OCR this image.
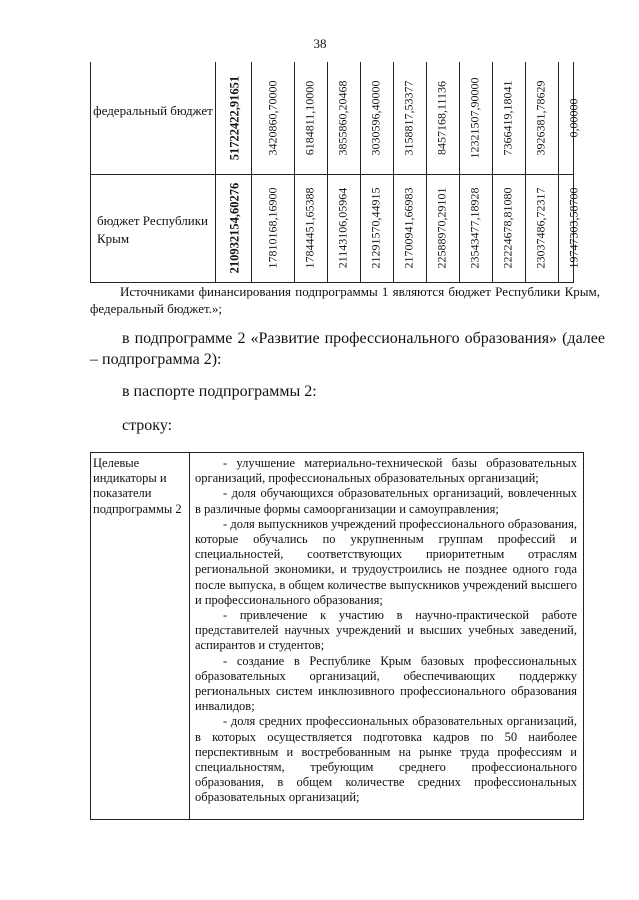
38
федеральный бюджет 51722422,91651 3420860,70000 6184811,10000 3855860,20468 3030596,40000 3158817,53377 8457168,11136 12321507,90000 7366419,18041 3926381,78629 0,00000
бюджет Республики Крым	210932154,60276 17810168,16900 17844451,65388 21143106,05964 21291570,44915 21700941,66983 22588970,29101 23543477,18928 22224678,81080 23037486,72317 19747303,58700
Источниками финансирования подпрограммы 1 являются бюджет Республики Крым, федеральный бюджет.»;
в подпрограмме 2 «Развитие профессионального образования» (далее – подпрограмма 2):
в паспорте подпрограммы 2:
строку:
Целевые индикаторы и показатели подпрограммы 2

- улучшение материально-технической базы образовательных организаций, профессиональных образовательных организаций;

- доля обучающихся образовательных организаций, вовлеченных в различные формы самоорганизации и самоуправления;

- доля выпускников учреждений профессионального образования, которые обучались по укрупненным группам профессий и специальностей, соответствующих приоритетным отраслям региональной экономики, и трудоустроились не позднее одного года после выпуска, в общем количестве выпускников учреждений высшего и профессионального образования;

- привлечение к участию в научно-практической работе представителей научных учреждений и высших учебных заведений, аспирантов и студентов;

- создание в Республике Крым базовых профессиональных образовательных организаций, обеспечивающих поддержку региональных систем инклюзивного профессионального образования инвалидов;

- доля средних профессиональных образовательных организаций, в которых осуществляется подготовка кадров по 50 наиболее перспективным и востребованным на рынке труда профессиям и специальностям, требующим среднего профессионального образования, в общем количестве средних профессиональных образовательных организаций;
